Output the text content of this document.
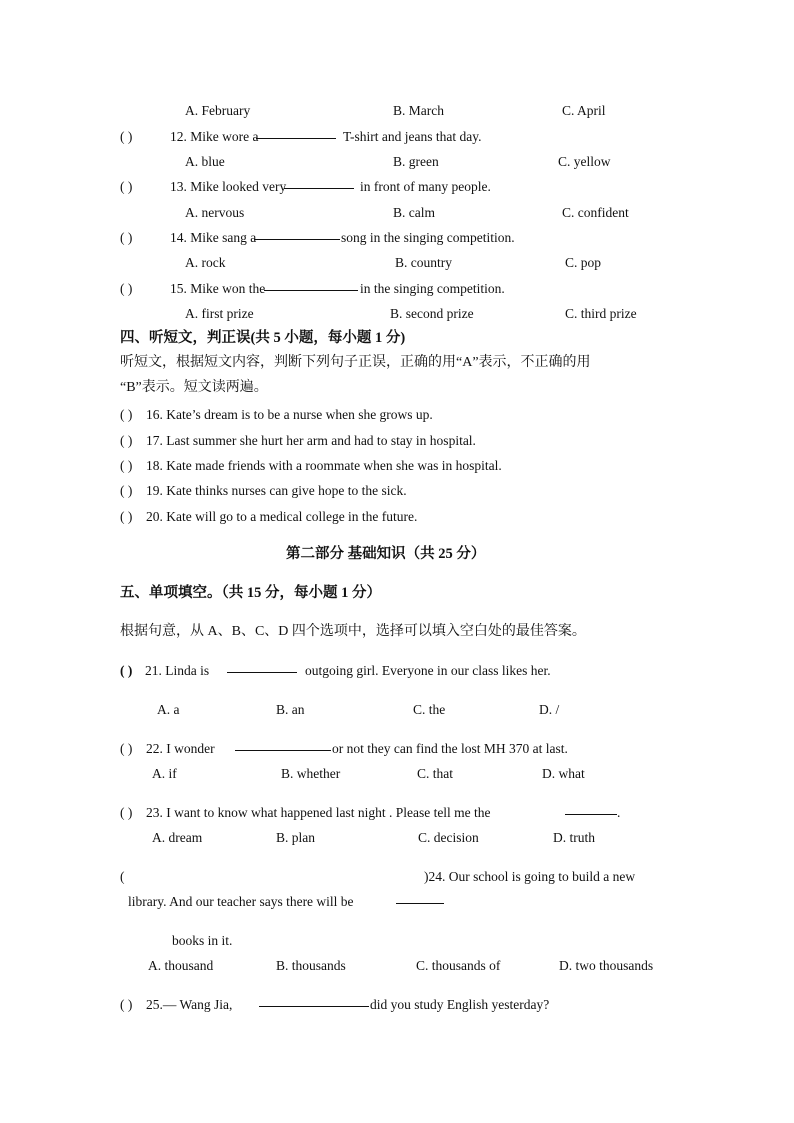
A. February	B. March	C. April
( )	12. Mike wore a	T-shirt and jeans that day.
A. blue	B. green	C. yellow
( )	13. Mike looked very	in front of many people.
A. nervous	B. calm	C. confident
( )	14. Mike sang a	song in the singing competition.
A. rock	B. country	C. pop
( )	15. Mike won the	in the singing competition.
A. first prize	B. second prize	C. third prize
四、听短文，判正误(共 5 小题，每小题 1 分)
听短文，根据短文内容，判断下列句子正误，正确的用“A”表示，不正确的用
“B”表示。短文读两遍。
( ) 16. Kate’s dream is to be a nurse when she grows up.
( ) 17. Last summer she hurt her arm and had to stay in hospital.
( ) 18. Kate made friends with a roommate when she was in hospital.
( ) 19. Kate thinks nurses can give hope to the sick.
( ) 20. Kate will go to a medical college in the future.
第二部分 基础知识（共 25 分）
五、单项填空。（共 15 分，每小题 1 分）
根据句意，从 A、B、C、D 四个选项中，选择可以填入空白处的最佳答案。
( ) 21. Linda is	outgoing girl. Everyone in our class likes her.
A. a	B. an	C. the	D. /
( ) 22. I wonder	or not they can find the lost MH 370 at last.
A. if	B. whether	C. that	D. what
( ) 23. I want to know what happened last night . Please tell me the	.
A. dream	B. plan	C. decision	D. truth
(	)24. Our school is going to build a new
library. And our teacher says there will be
books in it.
A. thousand	B. thousands	C. thousands of	D. two thousands
( ) 25.— Wang Jia,	did you study English yesterday?
